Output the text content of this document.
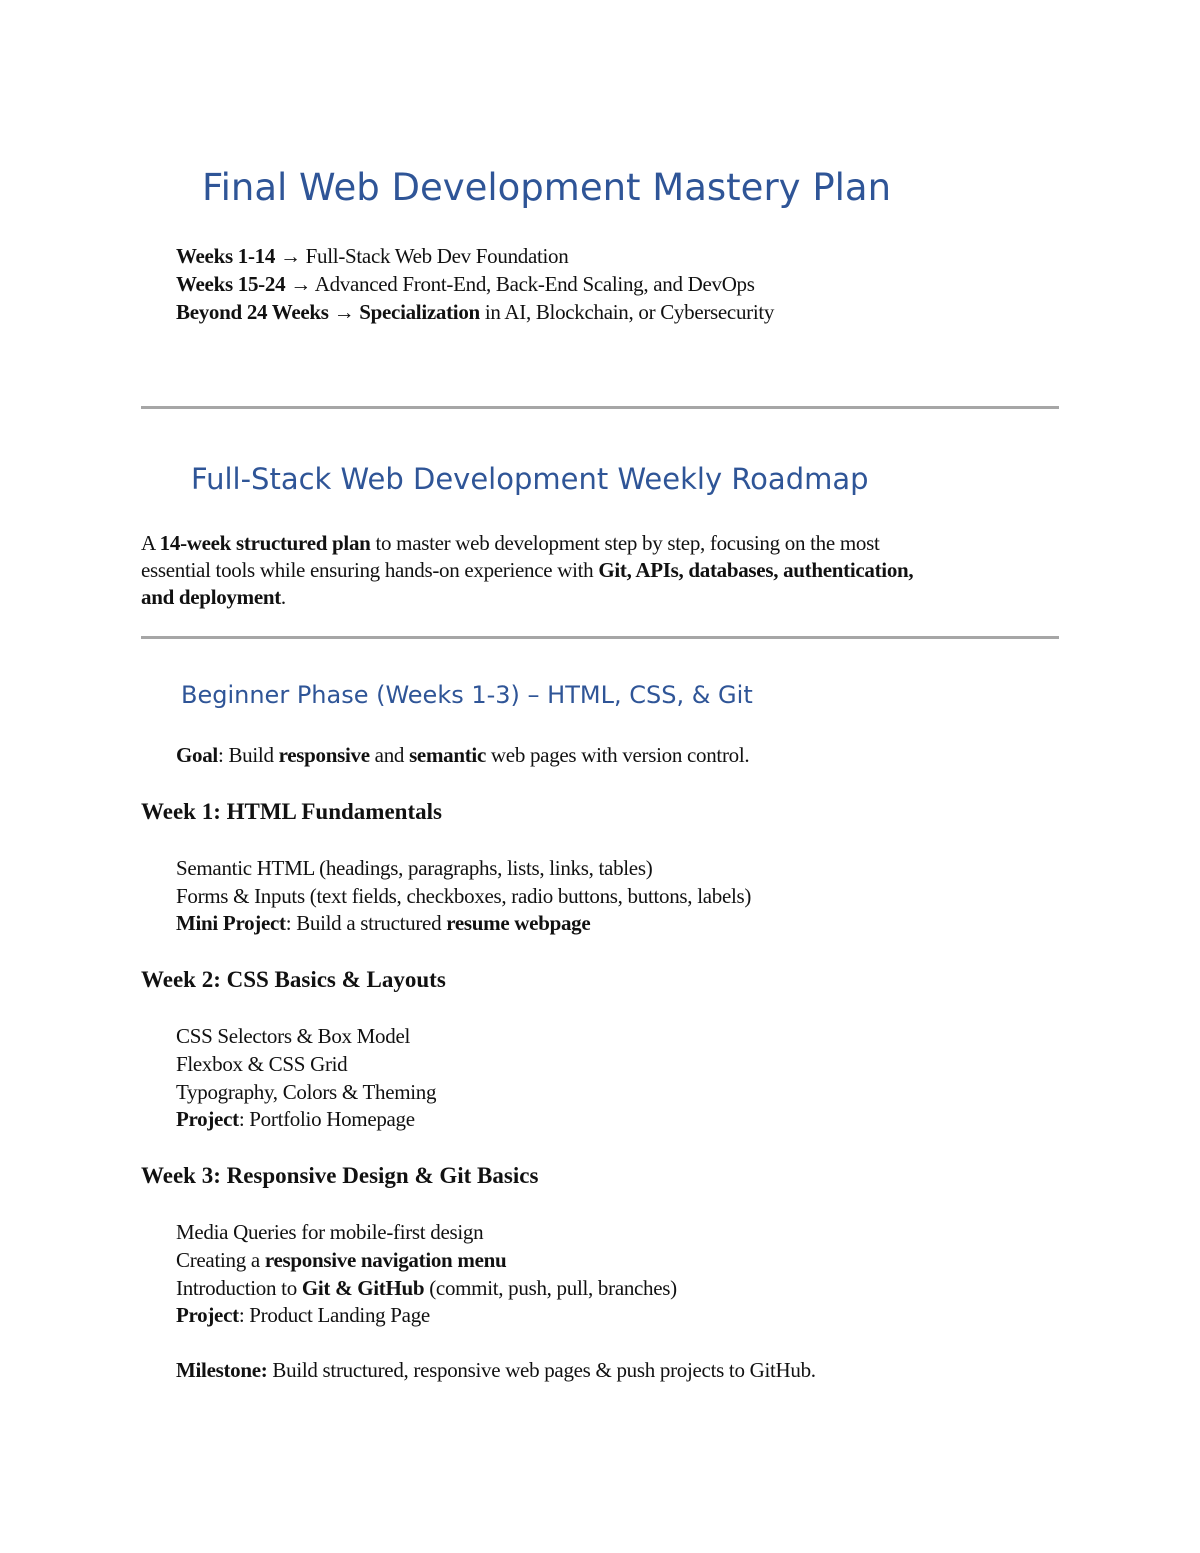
Final Web Development Mastery Plan
Weeks 1-14 → Full-Stack Web Dev Foundation
Weeks 15-24 → Advanced Front-End, Back-End Scaling, and DevOps
Beyond 24 Weeks → Specialization in AI, Blockchain, or Cybersecurity
Full-Stack Web Development Weekly Roadmap
A 14-week structured plan to master web development step by step, focusing on the most
essential tools while ensuring hands-on experience with Git, APIs, databases, authentication,
and deployment.
Beginner Phase (Weeks 1-3) – HTML, CSS, & Git
Goal: Build responsive and semantic web pages with version control.
Week 1: HTML Fundamentals
Semantic HTML (headings, paragraphs, lists, links, tables)
Forms & Inputs (text fields, checkboxes, radio buttons, buttons, labels)
Mini Project: Build a structured resume webpage
Week 2: CSS Basics & Layouts
CSS Selectors & Box Model
Flexbox & CSS Grid
Typography, Colors & Theming
Project: Portfolio Homepage
Week 3: Responsive Design & Git Basics
Media Queries for mobile-first design
Creating a responsive navigation menu
Introduction to Git & GitHub (commit, push, pull, branches)
Project: Product Landing Page
Milestone: Build structured, responsive web pages & push projects to GitHub.
